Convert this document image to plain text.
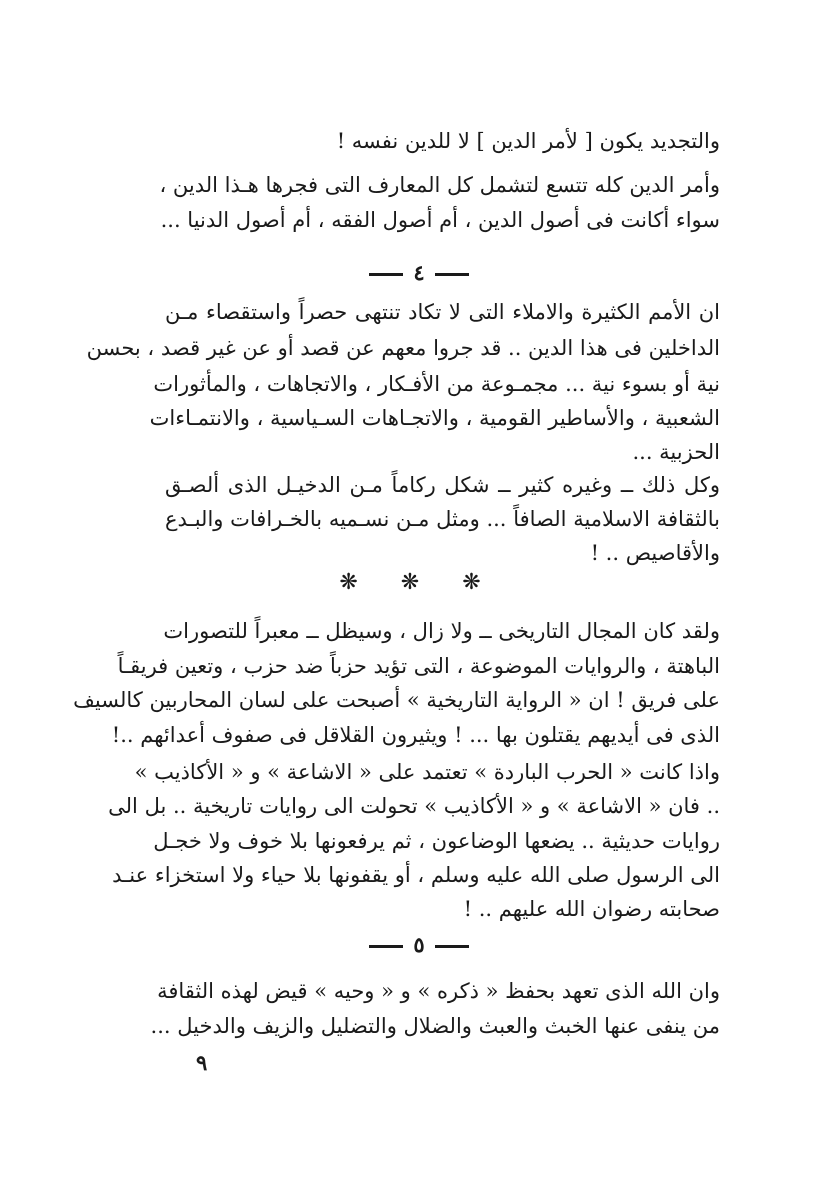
والتجديد يكون [ لأمر الدين ] لا للدين نفسه !
وأمر الدين كله تتسع لتشمل كل المعارف التى فجرها هـذا الدين ،
سواء أكانت فى أصول الدين ، أم أصول الفقه ، أم أصول الدنيا ...
٤
ان الأمم الكثيرة والاملاء التى لا تكاد تنتهى حصراً واستقصاء مـن
الداخلين فى هذا الدين .. قد جروا معهم عن قصد أو عن غير قصد ، بحسن
نية أو بسوء نية ... مجمـوعة من الأفـكار ، والاتجاهات ، والمأثورات
الشعبية ، والأساطير القومية ، والاتجـاهات السـياسية ، والانتمـاءات
الحزبية ...
وكل ذلك ــ وغيره كثير ــ شكل ركاماً مـن الدخيـل الذى ألصـق
بالثقافة الاسلامية الصافاً ... ومثل مـن نسـميه بالخـرافات والبـدع
والأقاصيص .. !
❋ ❋ ❋
ولقد كان المجال التاريخى ــ ولا زال ، وسيظل ــ معبراً للتصورات
الباهتة ، والروايات الموضوعة ، التى تؤيد حزباً ضد حزب ، وتعين فريقـاً
على فريق ! ان « الرواية التاريخية » أصبحت على لسان المحاربين كالسيف
الذى فى أيديهم يقتلون بها ... ! ويثيرون القلاقل فى صفوف أعدائهم ..!
واذا كانت « الحرب الباردة » تعتمد على « الاشاعة » و « الأكاذيب »
.. فان « الاشاعة » و « الأكاذيب » تحولت الى روايات تاريخية .. بل الى
روايات حديثية .. يضعها الوضاعون ، ثم يرفعونها بلا خوف ولا خجـل
الى الرسول صلى الله عليه وسلم ، أو يقفونها بلا حياء ولا استخزاء عنـد
صحابته رضوان الله عليهم .. !
٥
وان الله الذى تعهد بحفظ « ذكره » و « وحيه » قيض لهذه الثقافة
من ينفى عنها الخبث والعبث والضلال والتضليل والزيف والدخيل ...
٩
